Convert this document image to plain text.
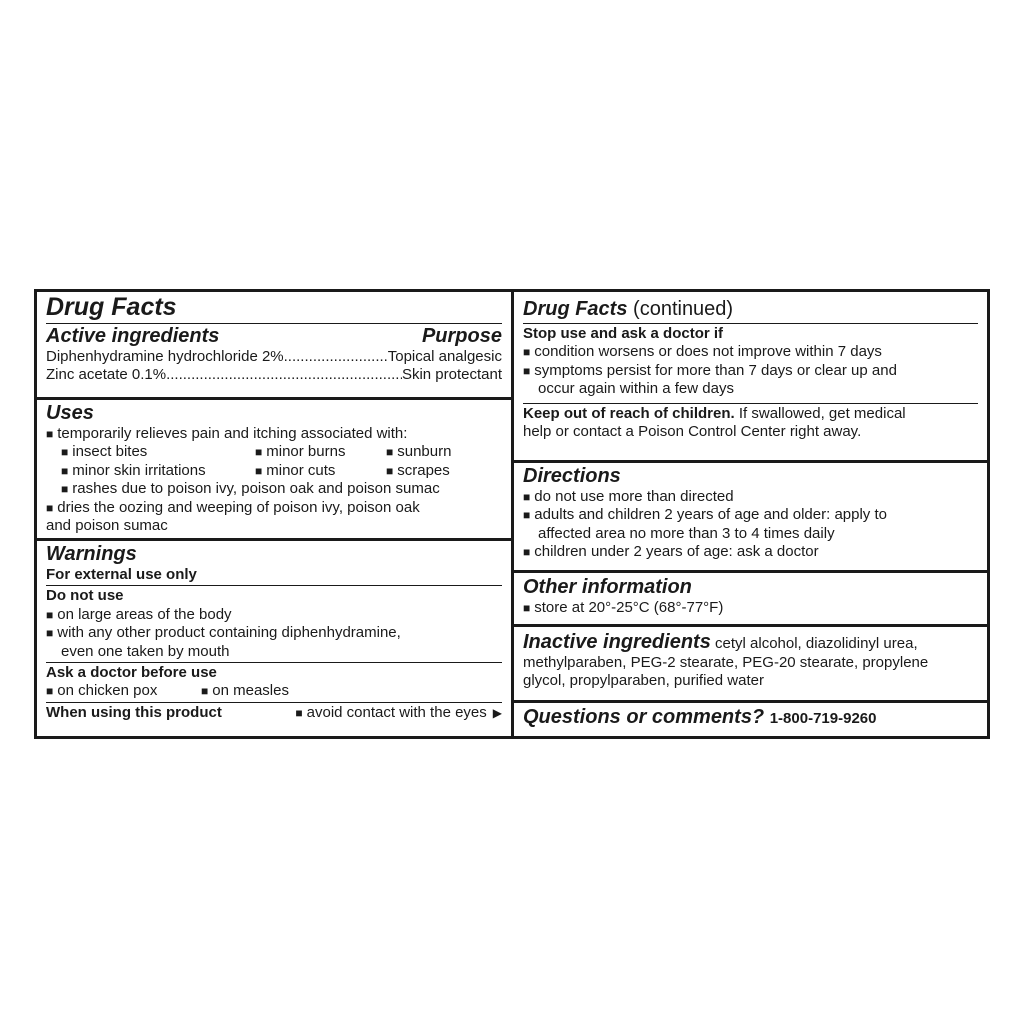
Drug Facts
Active ingredients	Purpose
Diphenhydramine hydrochloride 2% .....	Topical analgesic
Zinc acetate 0.1% .....	Skin protectant
Uses
■ temporarily relieves pain and itching associated with:
■ insect bites	■ minor burns	■ sunburn
■ minor skin irritations	■ minor cuts	■ scrapes
■ rashes due to poison ivy, poison oak and poison sumac
■ dries the oozing and weeping of poison ivy, poison oak
and poison sumac
Warnings
For external use only
Do not use
■ on large areas of the body
■ with any other product containing diphenhydramine,
even one taken by mouth
Ask a doctor before use
■ on chicken pox	■ on measles
When using this product	■ avoid contact with the eyes ▶
Drug Facts (continued)
Stop use and ask a doctor if
■ condition worsens or does not improve within 7 days
■ symptoms persist for more than 7 days or clear up and
occur again within a few days
Keep out of reach of children. If swallowed, get medical
help or contact a Poison Control Center right away.
Directions
■ do not use more than directed
■ adults and children 2 years of age and older: apply to
affected area no more than 3 to 4 times daily
■ children under 2 years of age: ask a doctor
Other information
■ store at 20°-25°C (68°-77°F)
Inactive ingredients cetyl alcohol, diazolidinyl urea,
methylparaben, PEG-2 stearate, PEG-20 stearate, propylene
glycol, propylparaben, purified water
Questions or comments? 1-800-719-9260
